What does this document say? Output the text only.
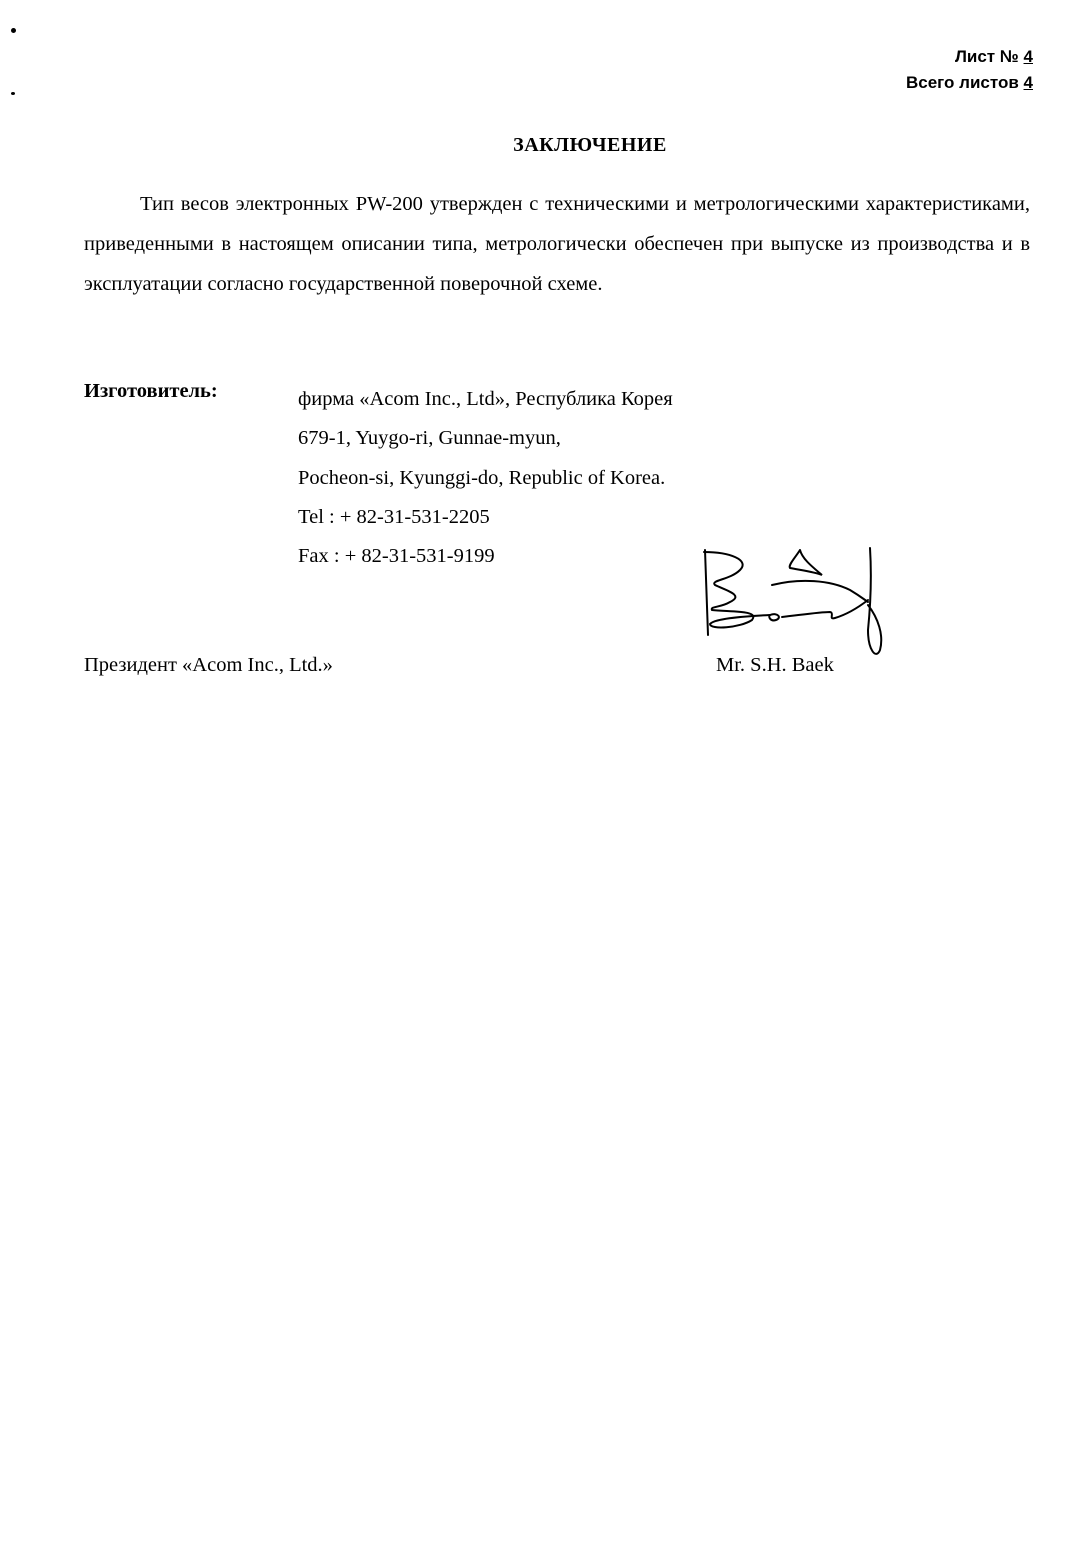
Лист № 4
Всего листов 4
ЗАКЛЮЧЕНИЕ
Тип весов электронных PW-200 утвержден с техническими и метрологическими характеристиками, приведенными в настоящем описании типа, метрологически обеспечен при выпуске из производства и в эксплуатации согласно государственной поверочной схеме.
Изготовитель:	фирма «Acom Inc., Ltd», Республика Корея
679-1, Yuygo-ri, Gunnae-myun,
Pocheon-si, Kyunggi-do, Republic of Korea.
Tel : + 82-31-531-2205
Fax : + 82-31-531-9199
Президент «Acom Inc., Ltd.»	Mr. S.H. Baek
